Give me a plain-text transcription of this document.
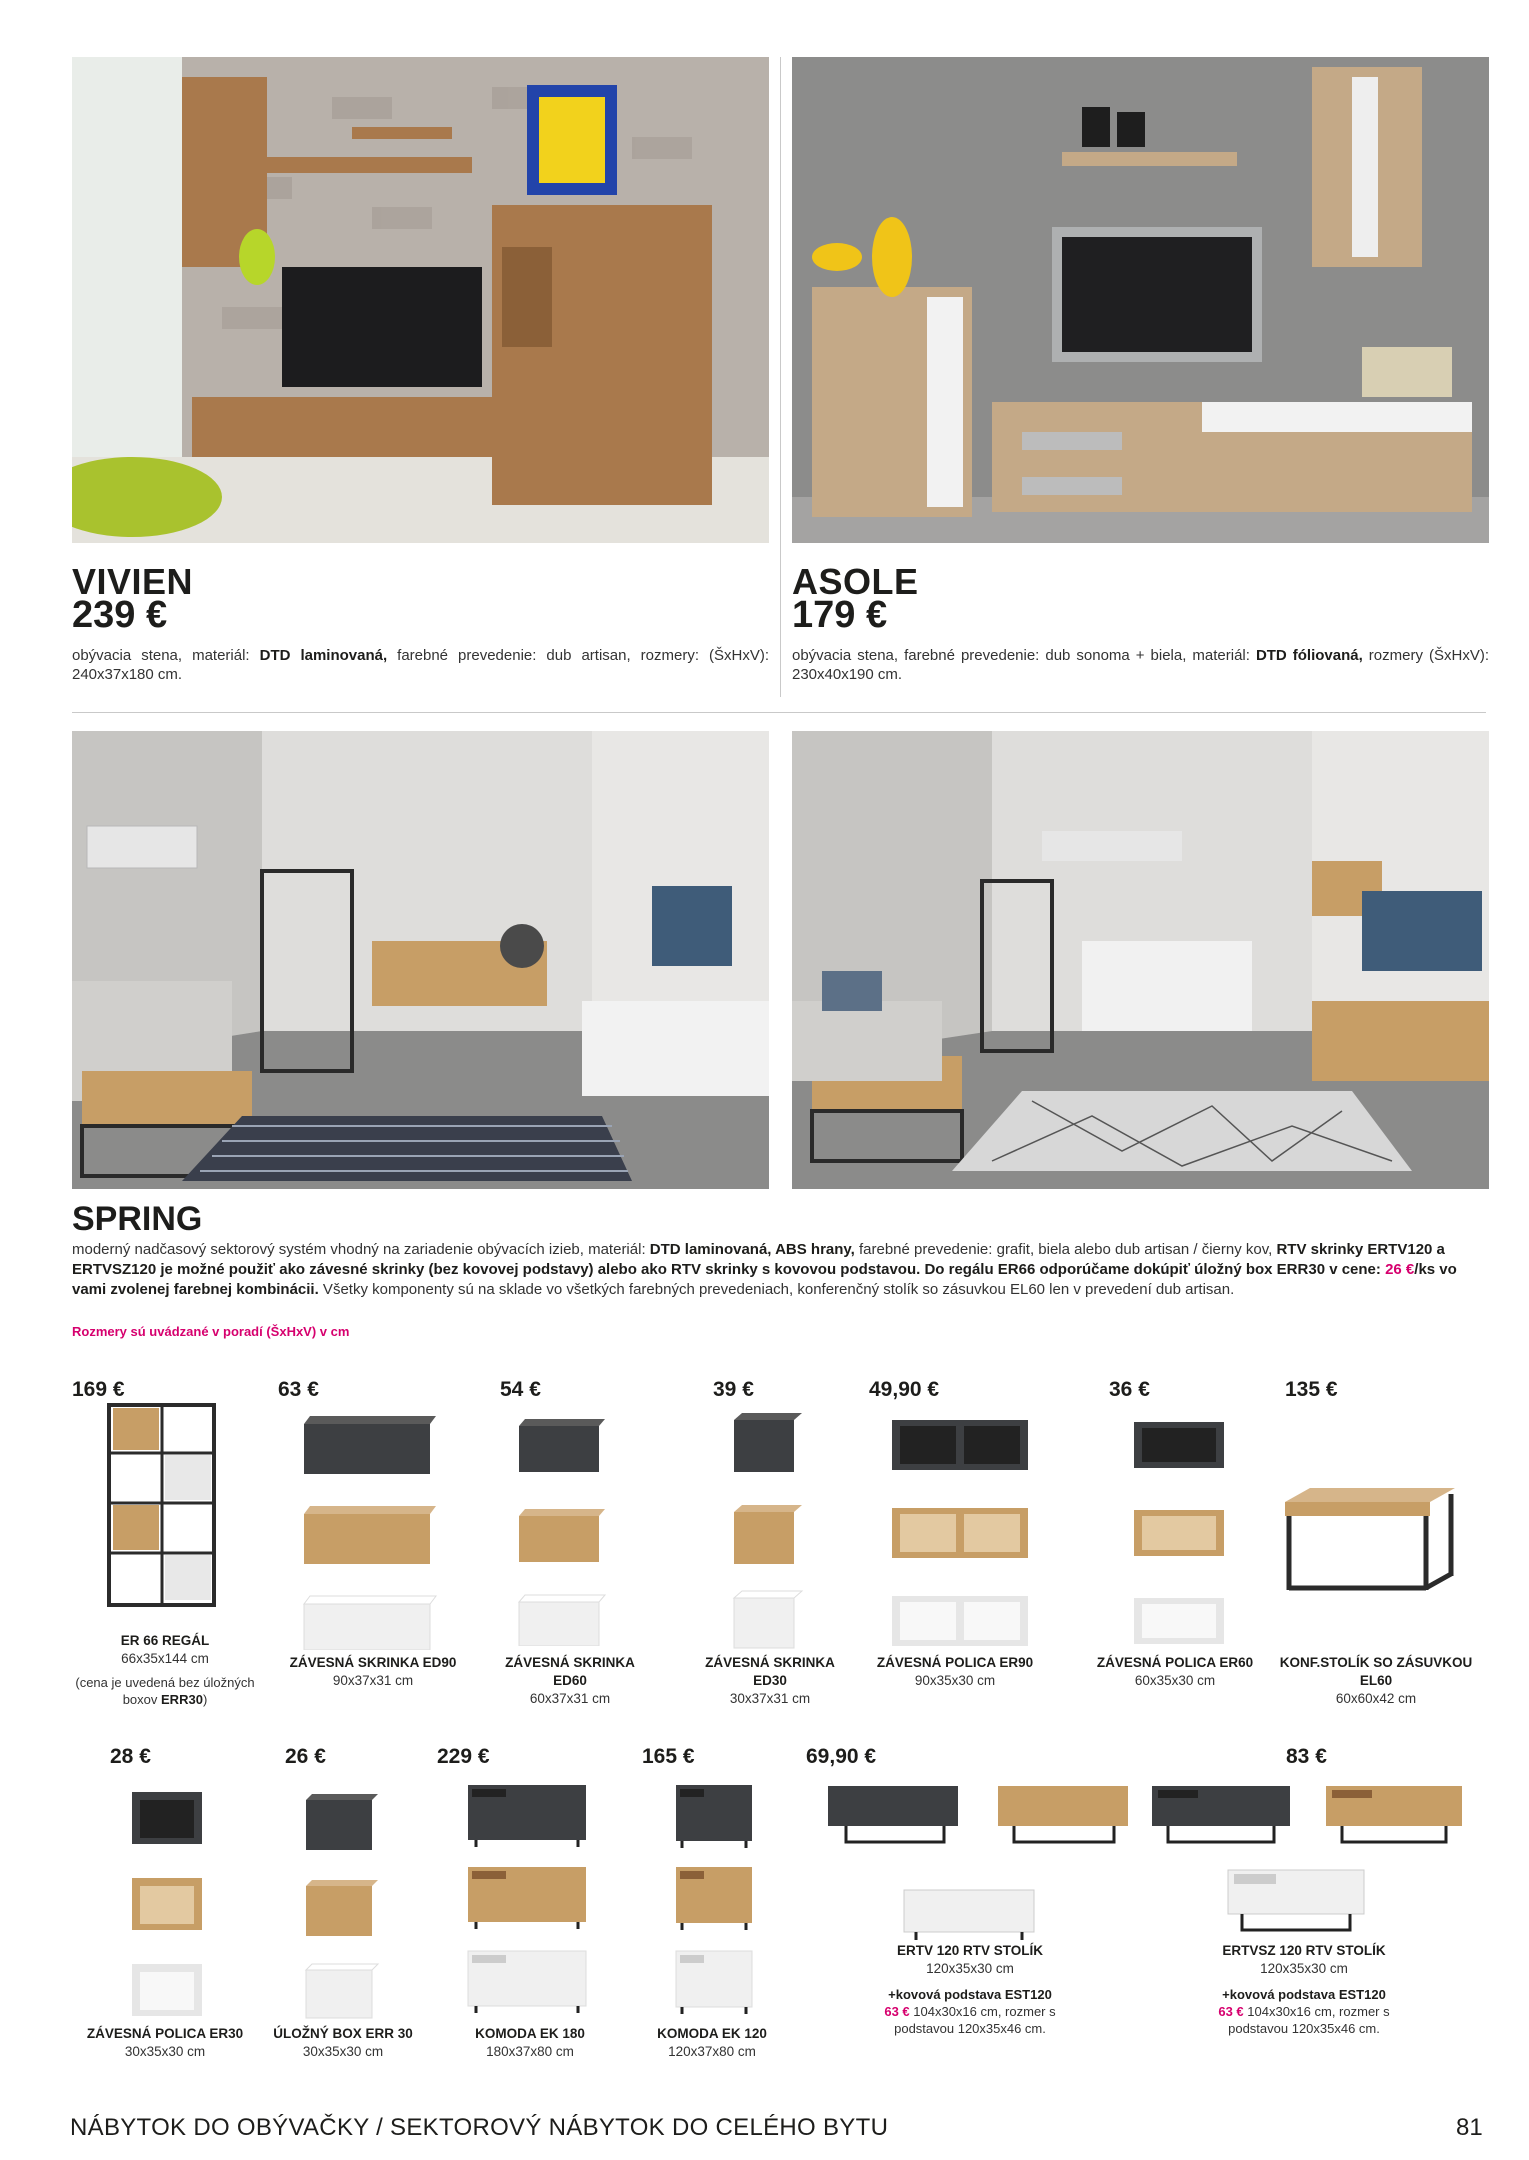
VIVIEN
239 €
obývacia stena, materiál: DTD laminovaná, farebné prevedenie: dub artisan, rozmery: (ŠxHxV): 240x37x180 cm.
ASOLE
179 €
obývacia stena, farebné prevedenie: dub sonoma + biela, materiál: DTD fóliovaná, rozmery (ŠxHxV): 230x40x190 cm.
SPRING
moderný nadčasový sektorový systém vhodný na zariadenie obývacích izieb, materiál: DTD laminovaná, ABS hrany, farebné prevedenie: grafit, biela alebo dub artisan / čierny kov, RTV skrinky ERTV120 a ERTVSZ120 je možné použiť ako závesné skrinky (bez kovovej podstavy) alebo ako RTV skrinky s kovovou podstavou. Do regálu ER66 odporúčame dokúpiť úložný box ERR30 v cene: 26 €/ks vo vami zvolenej farebnej kombinácii. Všetky komponenty sú na sklade vo všetkých farebných prevedeniach, konferenčný stolík so zásuvkou EL60 len v prevedení dub artisan.
Rozmery sú uvádzané v poradí (ŠxHxV) v cm
169 €	63 €	54 €	39 €	49,90 €	36 €	135 €
ER 66 REGÁL
66x35x144 cm
(cena je uvedená bez úložných boxov ERR30)
ZÁVESNÁ SKRINKA ED90
90x37x31 cm
ZÁVESNÁ SKRINKA ED60
60x37x31 cm
ZÁVESNÁ SKRINKA ED30
30x37x31 cm
ZÁVESNÁ POLICA ER90
90x35x30 cm
ZÁVESNÁ POLICA ER60
60x35x30 cm
KONF.STOLÍK SO ZÁSUVKOU EL60
60x60x42 cm
28 €	26 €	229 €	165 €	69,90 €	83 €
ZÁVESNÁ POLICA ER30
30x35x30 cm
ÚLOŽNÝ BOX ERR 30
30x35x30 cm
KOMODA EK 180
180x37x80 cm
KOMODA EK 120
120x37x80 cm
ERTV 120 RTV STOLÍK
120x35x30 cm
+kovová podstava EST120
63 € 104x30x16 cm, rozmer s podstavou 120x35x46 cm.
ERTVSZ 120 RTV STOLÍK
120x35x30 cm
+kovová podstava EST120
63 € 104x30x16 cm, rozmer s podstavou 120x35x46 cm.
NÁBYTOK DO OBÝVAČKY / SEKTOROVÝ NÁBYTOK DO CELÉHO BYTU	81
